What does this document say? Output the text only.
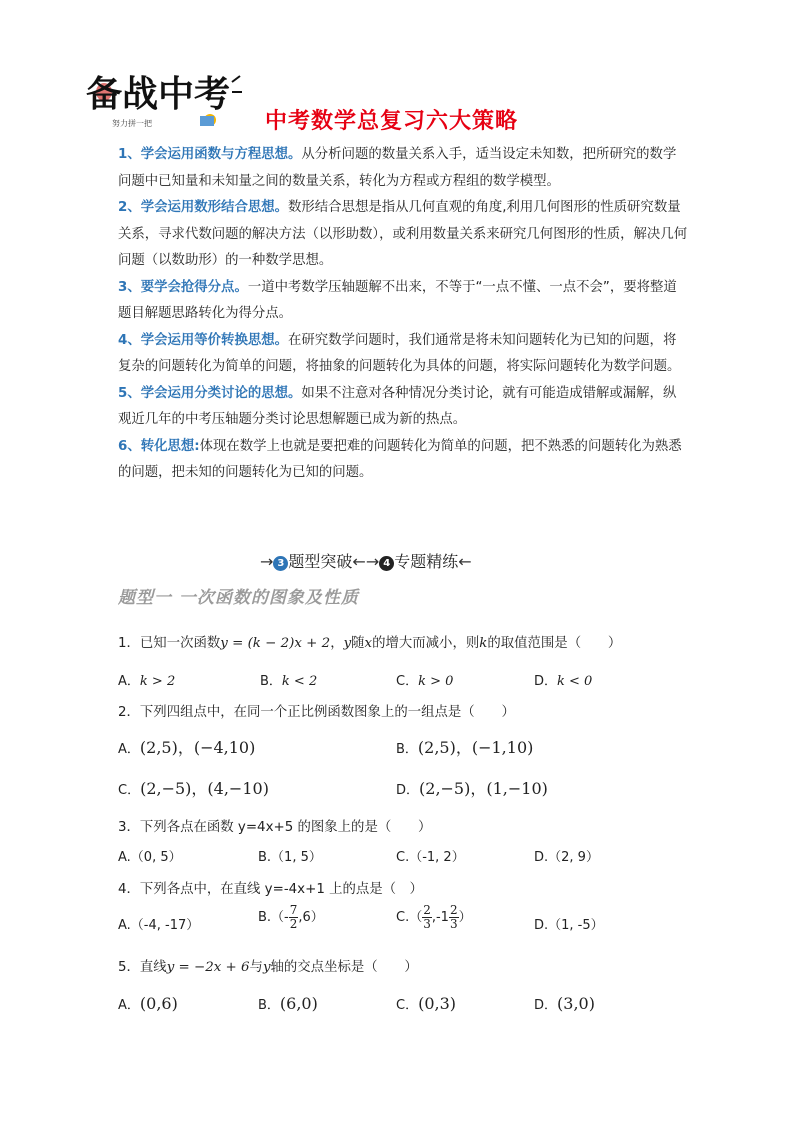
备战中考
努力拼一把	中考数学总复习六大策略

1、学会运用函数与方程思想。从分析问题的数量关系入手，适当设定未知数，把所研究的数学问题中已知量和未知量之间的数量关系，转化为方程或方程组的数学模型。

2、学会运用数形结合思想。数形结合思想是指从几何直观的角度,利用几何图形的性质研究数量关系，寻求代数问题的解决方法（以形助数），或利用数量关系来研究几何图形的性质，解决几何问题（以数助形）的一种数学思想。

3、要学会抢得分点。一道中考数学压轴题解不出来，不等于“一点不懂、一点不会”，要将整道题目解题思路转化为得分点。

4、学会运用等价转换思想。在研究数学问题时，我们通常是将未知问题转化为已知的问题，将复杂的问题转化为简单的问题，将抽象的问题转化为具体的问题，将实际问题转化为数学问题。

5、学会运用分类讨论的思想。如果不注意对各种情况分类讨论，就有可能造成错解或漏解，纵观近几年的中考压轴题分类讨论思想解题已成为新的热点。

6、转化思想:体现在数学上也就是要把难的问题转化为简单的问题，把不熟悉的问题转化为熟悉的问题，把未知的问题转化为已知的问题。

→ 3 题型突破←→ 4 专题精练←
题型一 一次函数的图象及性质
1．已知一次函数y = (k − 2)x + 2，y随x的增大而减小，则k的取值范围是（　　）
A．k > 2	B．k < 2	C．k > 0	D．k < 0
2．下列四组点中，在同一个正比例函数图象上的一组点是（　　）
A．(2,5)，(−4,10)	B．(2,5)，(−1,10)
C．(2,−5)，(4,−10)	D．(2,−5)，(1,−10)
3．下列各点在函数 y=4x+5 的图象上的是（　　）
A.（0, 5）	B.（1, 5）	C.（-1, 2）	D.（2, 9）
4．下列各点中，在直线 y=-4x+1 上的点是（　）
A.（-4, -17）
$B.(- \frac{7}{2} ,6)$	$C.( \frac{2}{3} ,-1 \frac{2}{3}$ ）
D.（1, -5）
5．直线y = −2x + 6与y轴的交点坐标是（　　）
A．(0,6)	B．(6,0)	C．(0,3)	D．(3,0)
